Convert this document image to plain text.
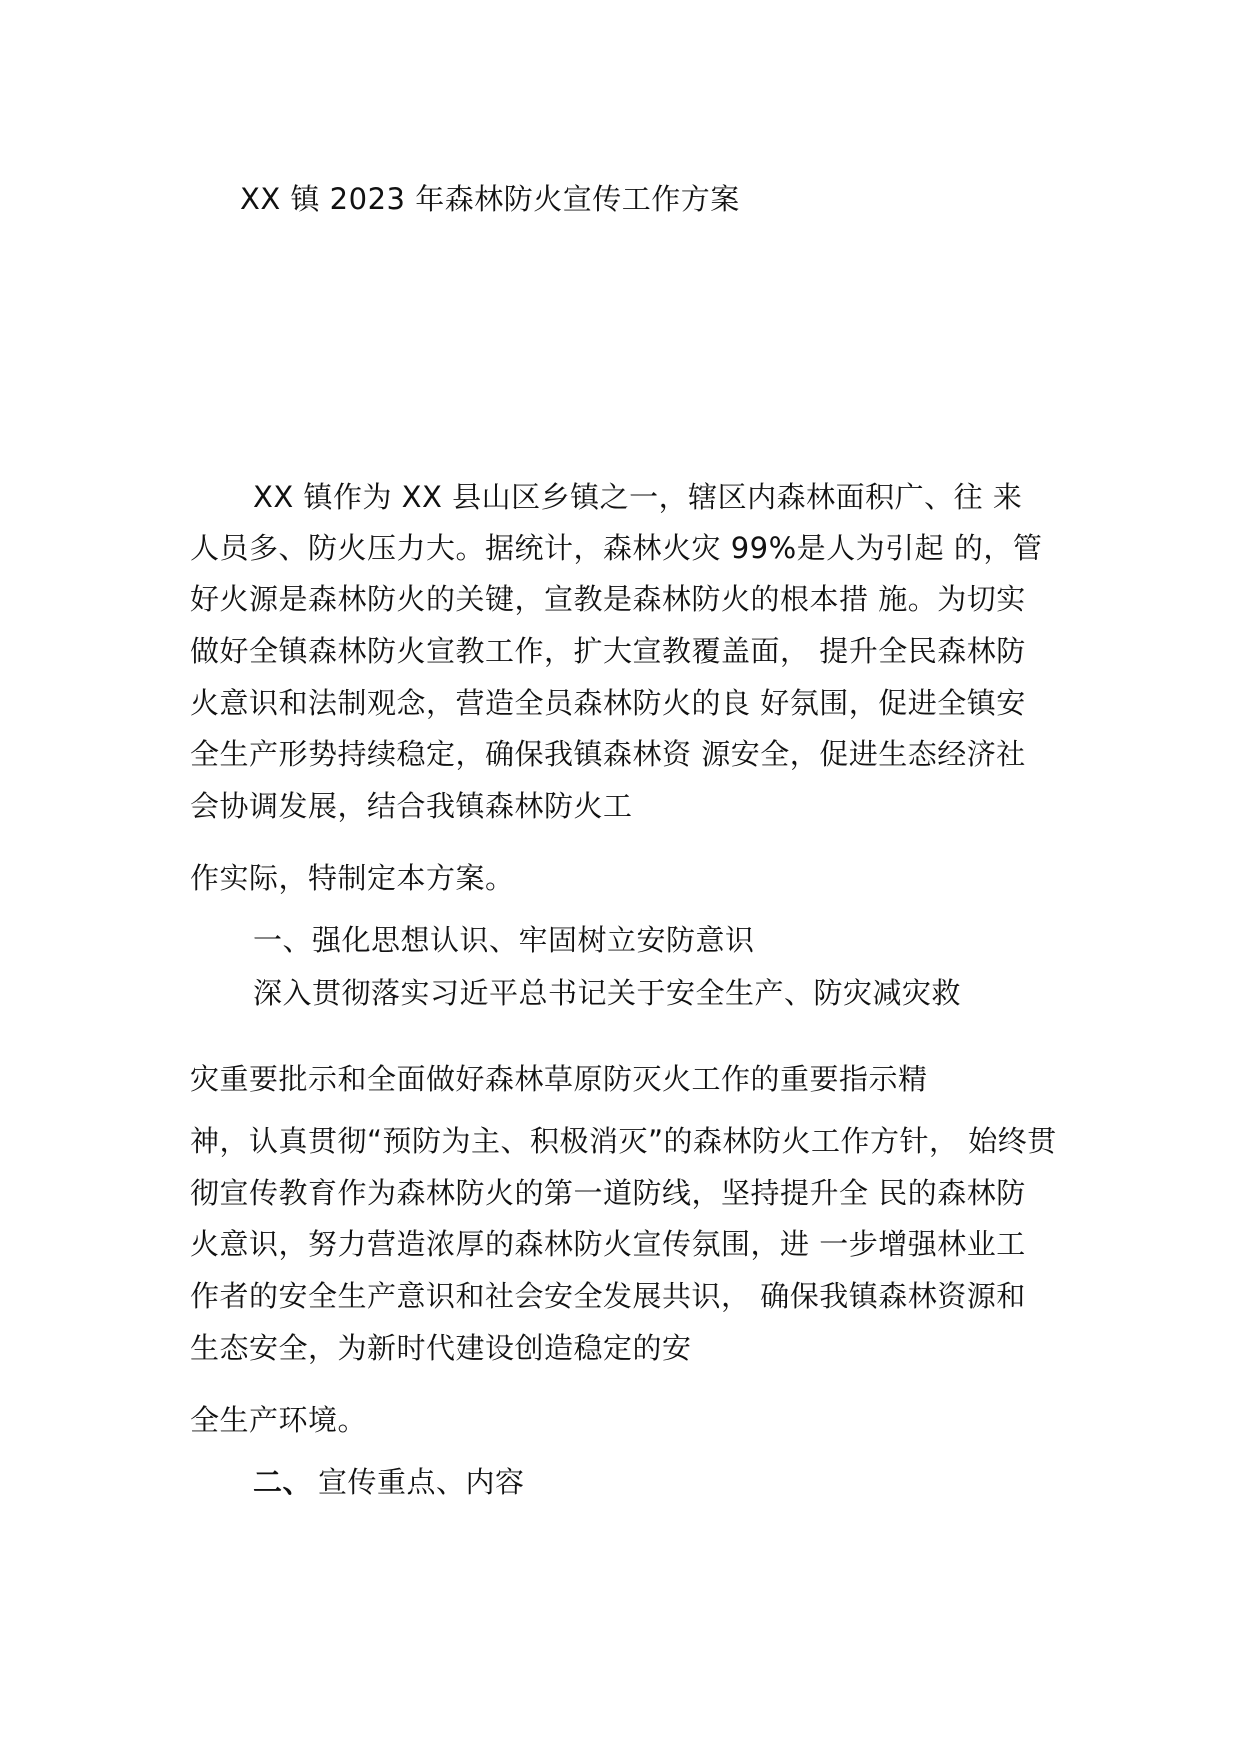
XX 镇 2023 年森林防火宣传工作方案
XX 镇作为 XX 县山区乡镇之一，辖区内森林面积广、往 来
人员多、防火压力大。据统计，森林火灾 99%是人为引起 的，管
好火源是森林防火的关键，宣教是森林防火的根本措 施。为切实
做好全镇森林防火宣教工作，扩大宣教覆盖面， 提升全民森林防
火意识和法制观念，营造全员森林防火的良 好氛围，促进全镇安
全生产形势持续稳定，确保我镇森林资 源安全，促进生态经济社
会协调发展，结合我镇森林防火工
作实际，特制定本方案。
一、强化思想认识、牢固树立安防意识
深入贯彻落实习近平总书记关于安全生产、防灾减灾救
灾重要批示和全面做好森林草原防灭火工作的重要指示精
神，认真贯彻“预防为主、积极消灭”的森林防火工作方针， 始终贯
彻宣传教育作为森林防火的第一道防线，坚持提升全 民的森林防
火意识，努力营造浓厚的森林防火宣传氛围，进 一步增强林业工
作者的安全生产意识和社会安全发展共识， 确保我镇森林资源和
生态安全，为新时代建设创造稳定的安
全生产环境。
二、 宣传重点、内容
